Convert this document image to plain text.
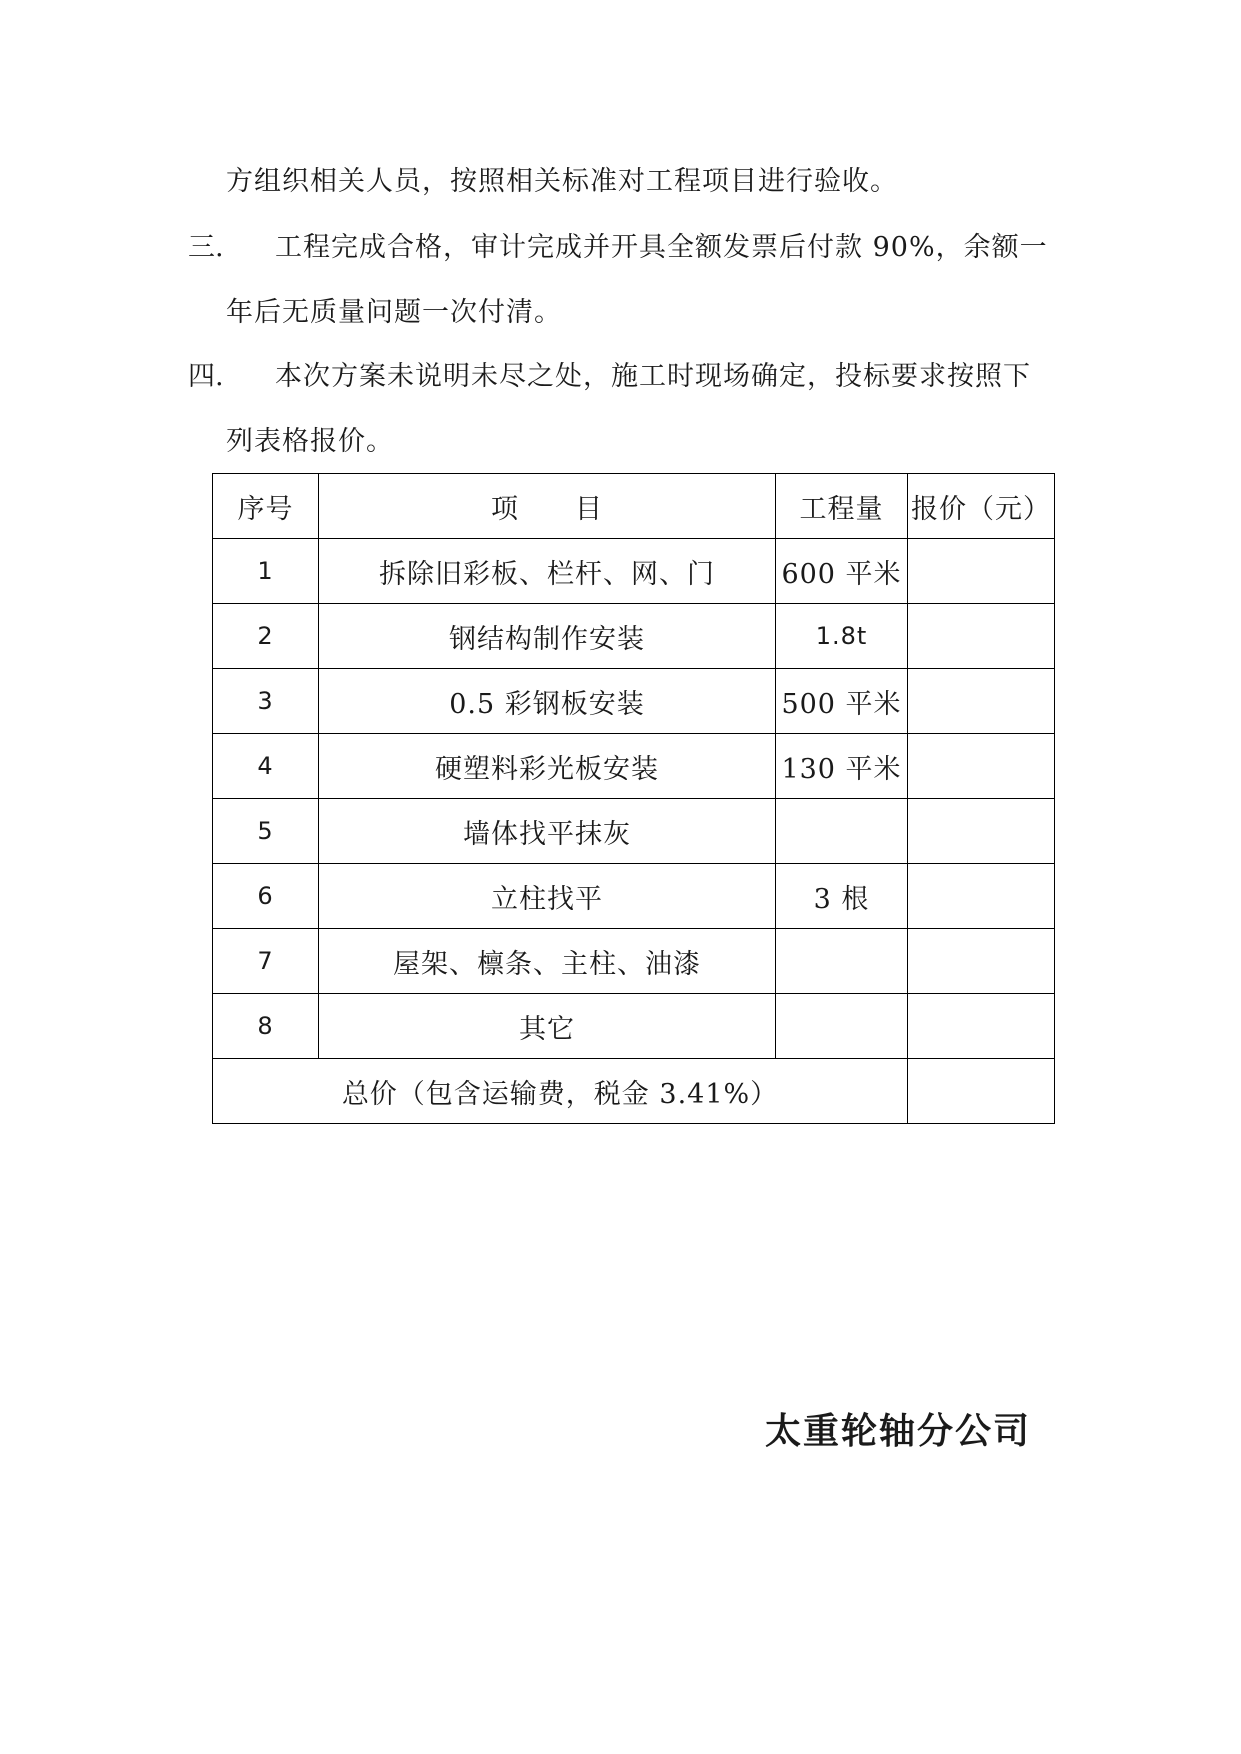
方组织相关人员，按照相关标准对工程项目进行验收。
三. 工程完成合格，审计完成并开具全额发票后付款 90%，余额一
年后无质量问题一次付清。
四. 本次方案未说明未尽之处，施工时现场确定，投标要求按照下
列表格报价。
序号	项　　目	工程量	报价（元）
1	拆除旧彩板、栏杆、网、门	600 平米	
2	钢结构制作安装	1.8t	
3	0.5 彩钢板安装	500 平米	
4	硬塑料彩光板安装	130 平米	
5	墙体找平抹灰		
6	立柱找平	3 根	
7	屋架、檩条、主柱、油漆		
8	其它		
总价（包含运输费，税金 3.41%）			
太重轮轴分公司
